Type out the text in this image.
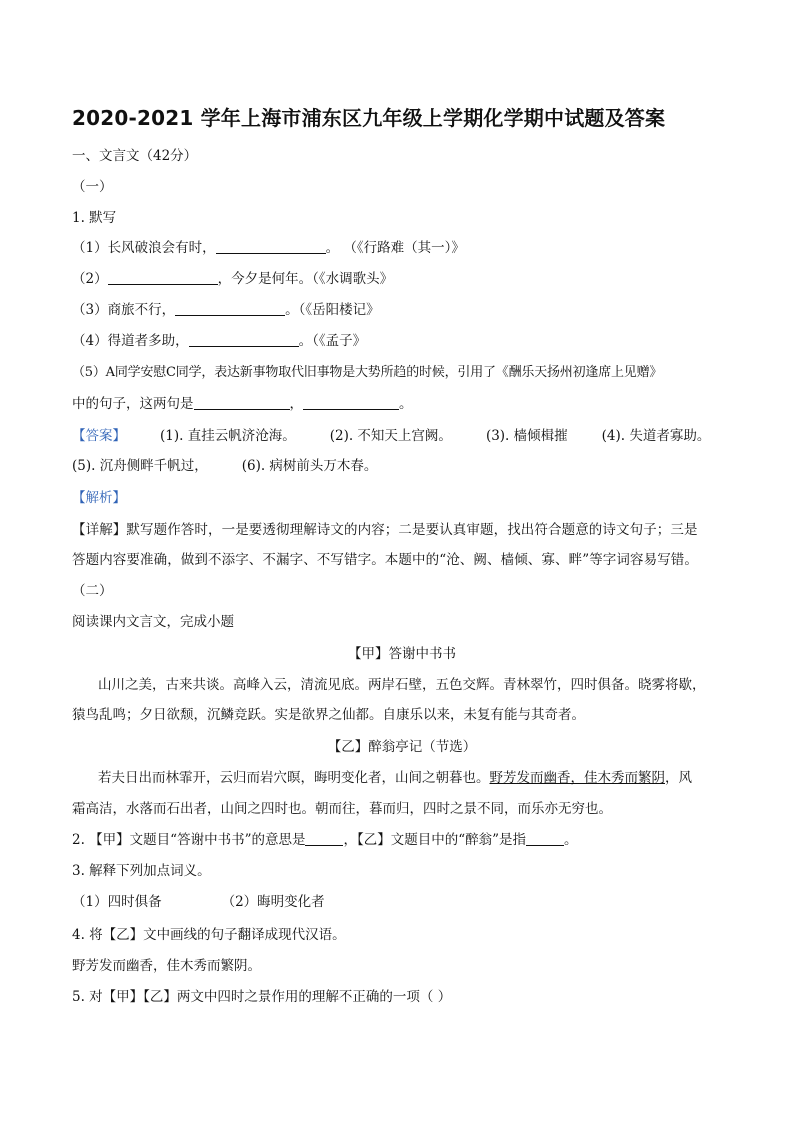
2020-2021 学年上海市浦东区九年级上学期化学期中试题及答案
一、文言文（42分）
（一）
1. 默写
（1）长风破浪会有时，	。 （《行路难（其一）》
（2）	，今夕是何年。（《水调歌头》
（3）商旅不行，	。（《岳阳楼记》
（4）得道者多助，	。（《孟子》
（5）A同学安慰C同学，表达新事物取代旧事物是大势所趋的时候，引用了《酬乐天扬州初逢席上见赠》
中的句子，这两句是	，	。
【答案】	(1). 直挂云帆济沧海。	(2). 不知天上宫阙。	(3). 樯倾楫摧	(4). 失道者寡助。
(5). 沉舟侧畔千帆过，	(6). 病树前头万木春。
【解析】
【详解】默写题作答时，一是要透彻理解诗文的内容；二是要认真审题，找出符合题意的诗文句子；三是
答题内容要准确，做到不添字、不漏字、不写错字。本题中的“沧、阙、樯倾、寡、畔”等字词容易写错。
（二）
阅读课内文言文，完成小题
【甲】答谢中书书
山川之美，古来共谈。高峰入云，清流见底。两岸石壁，五色交辉。青林翠竹，四时俱备。晓雾将歇，
猿鸟乱鸣；夕日欲颓，沉鳞竞跃。实是欲界之仙都。自康乐以来，未复有能与其奇者。
【乙】醉翁亭记（节选）
若夫日出而林霏开，云归而岩穴暝，晦明变化者，山间之朝暮也。野芳发而幽香，佳木秀而繁阴，风
霜高洁，水落而石出者，山间之四时也。朝而往，暮而归，四时之景不同，而乐亦无穷也。
2. 【甲】文题目“答谢中书书”的意思是	，【乙】文题目中的“醉翁”是指	。
3. 解释下列加点词义。
（1）四时俱备	（2）晦明变化者
4. 将【乙】文中画线的句子翻译成现代汉语。
野芳发而幽香，佳木秀而繁阴。
5. 对【甲】【乙】两文中四时之景作用的理解不正确的一项（ ）
